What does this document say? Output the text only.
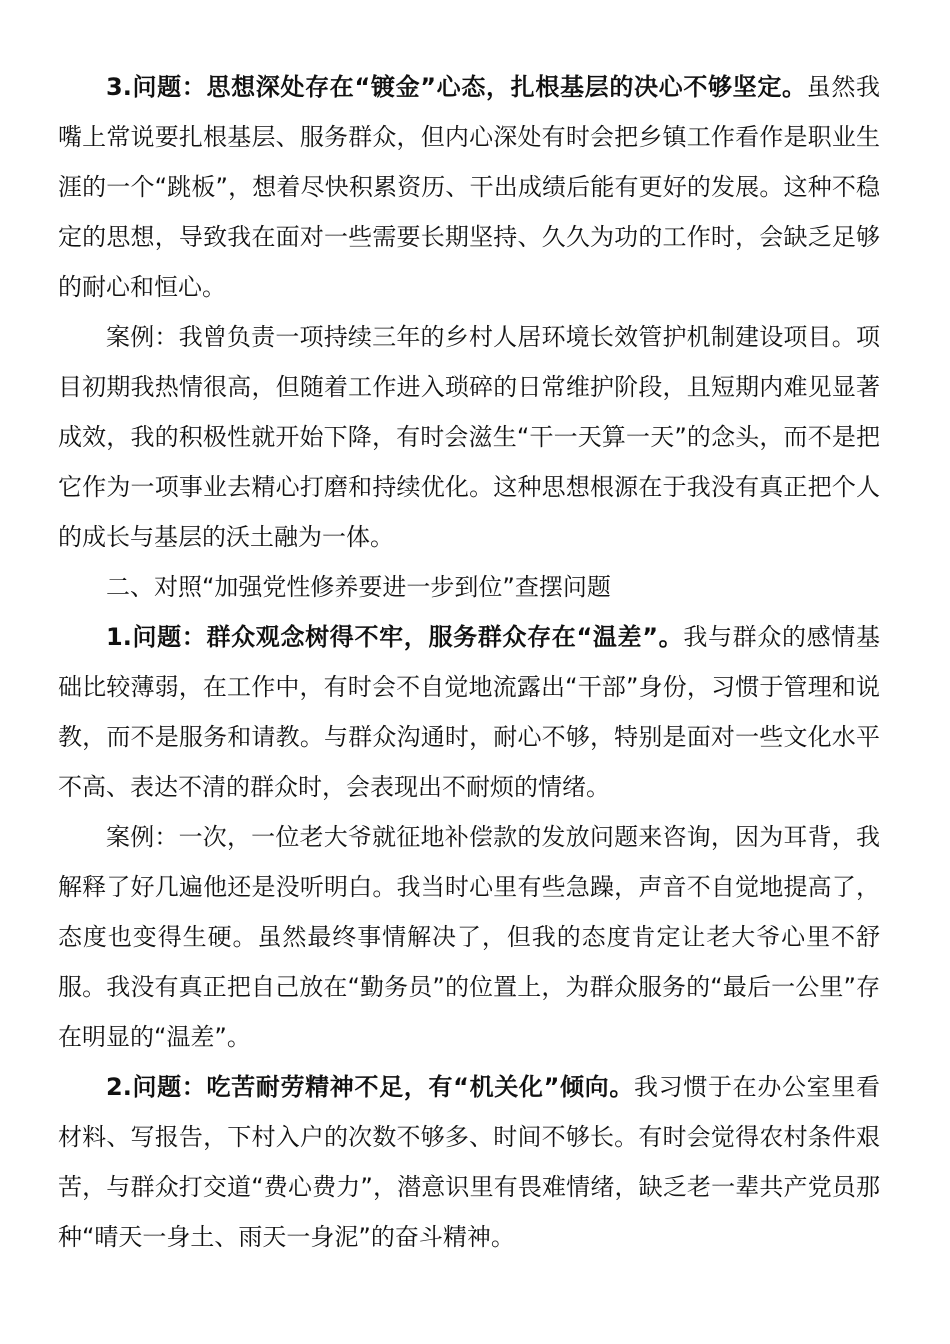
3.问题：思想深处存在“镀金”心态，扎根基层的决心不够坚定。虽然我嘴上常说要扎根基层、服务群众，但内心深处有时会把乡镇工作看作是职业生涯的一个“跳板”，想着尽快积累资历、干出成绩后能有更好的发展。这种不稳定的思想，导致我在面对一些需要长期坚持、久久为功的工作时，会缺乏足够的耐心和恒心。

案例：我曾负责一项持续三年的乡村人居环境长效管护机制建设项目。项目初期我热情很高，但随着工作进入琐碎的日常维护阶段，且短期内难见显著成效，我的积极性就开始下降，有时会滋生“干一天算一天”的念头，而不是把它作为一项事业去精心打磨和持续优化。这种思想根源在于我没有真正把个人的成长与基层的沃土融为一体。

二、对照“加强党性修养要进一步到位”查摆问题

1.问题：群众观念树得不牢，服务群众存在“温差”。我与群众的感情基础比较薄弱，在工作中，有时会不自觉地流露出“干部”身份，习惯于管理和说教，而不是服务和请教。与群众沟通时，耐心不够，特别是面对一些文化水平不高、表达不清的群众时，会表现出不耐烦的情绪。

案例：一次，一位老大爷就征地补偿款的发放问题来咨询，因为耳背，我解释了好几遍他还是没听明白。我当时心里有些急躁，声音不自觉地提高了，态度也变得生硬。虽然最终事情解决了，但我的态度肯定让老大爷心里不舒服。我没有真正把自己放在“勤务员”的位置上，为群众服务的“最后一公里”存在明显的“温差”。

2.问题：吃苦耐劳精神不足，有“机关化”倾向。我习惯于在办公室里看材料、写报告，下村入户的次数不够多、时间不够长。有时会觉得农村条件艰苦，与群众打交道“费心费力”，潜意识里有畏难情绪，缺乏老一辈共产党员那种“晴天一身土、雨天一身泥”的奋斗精神。
